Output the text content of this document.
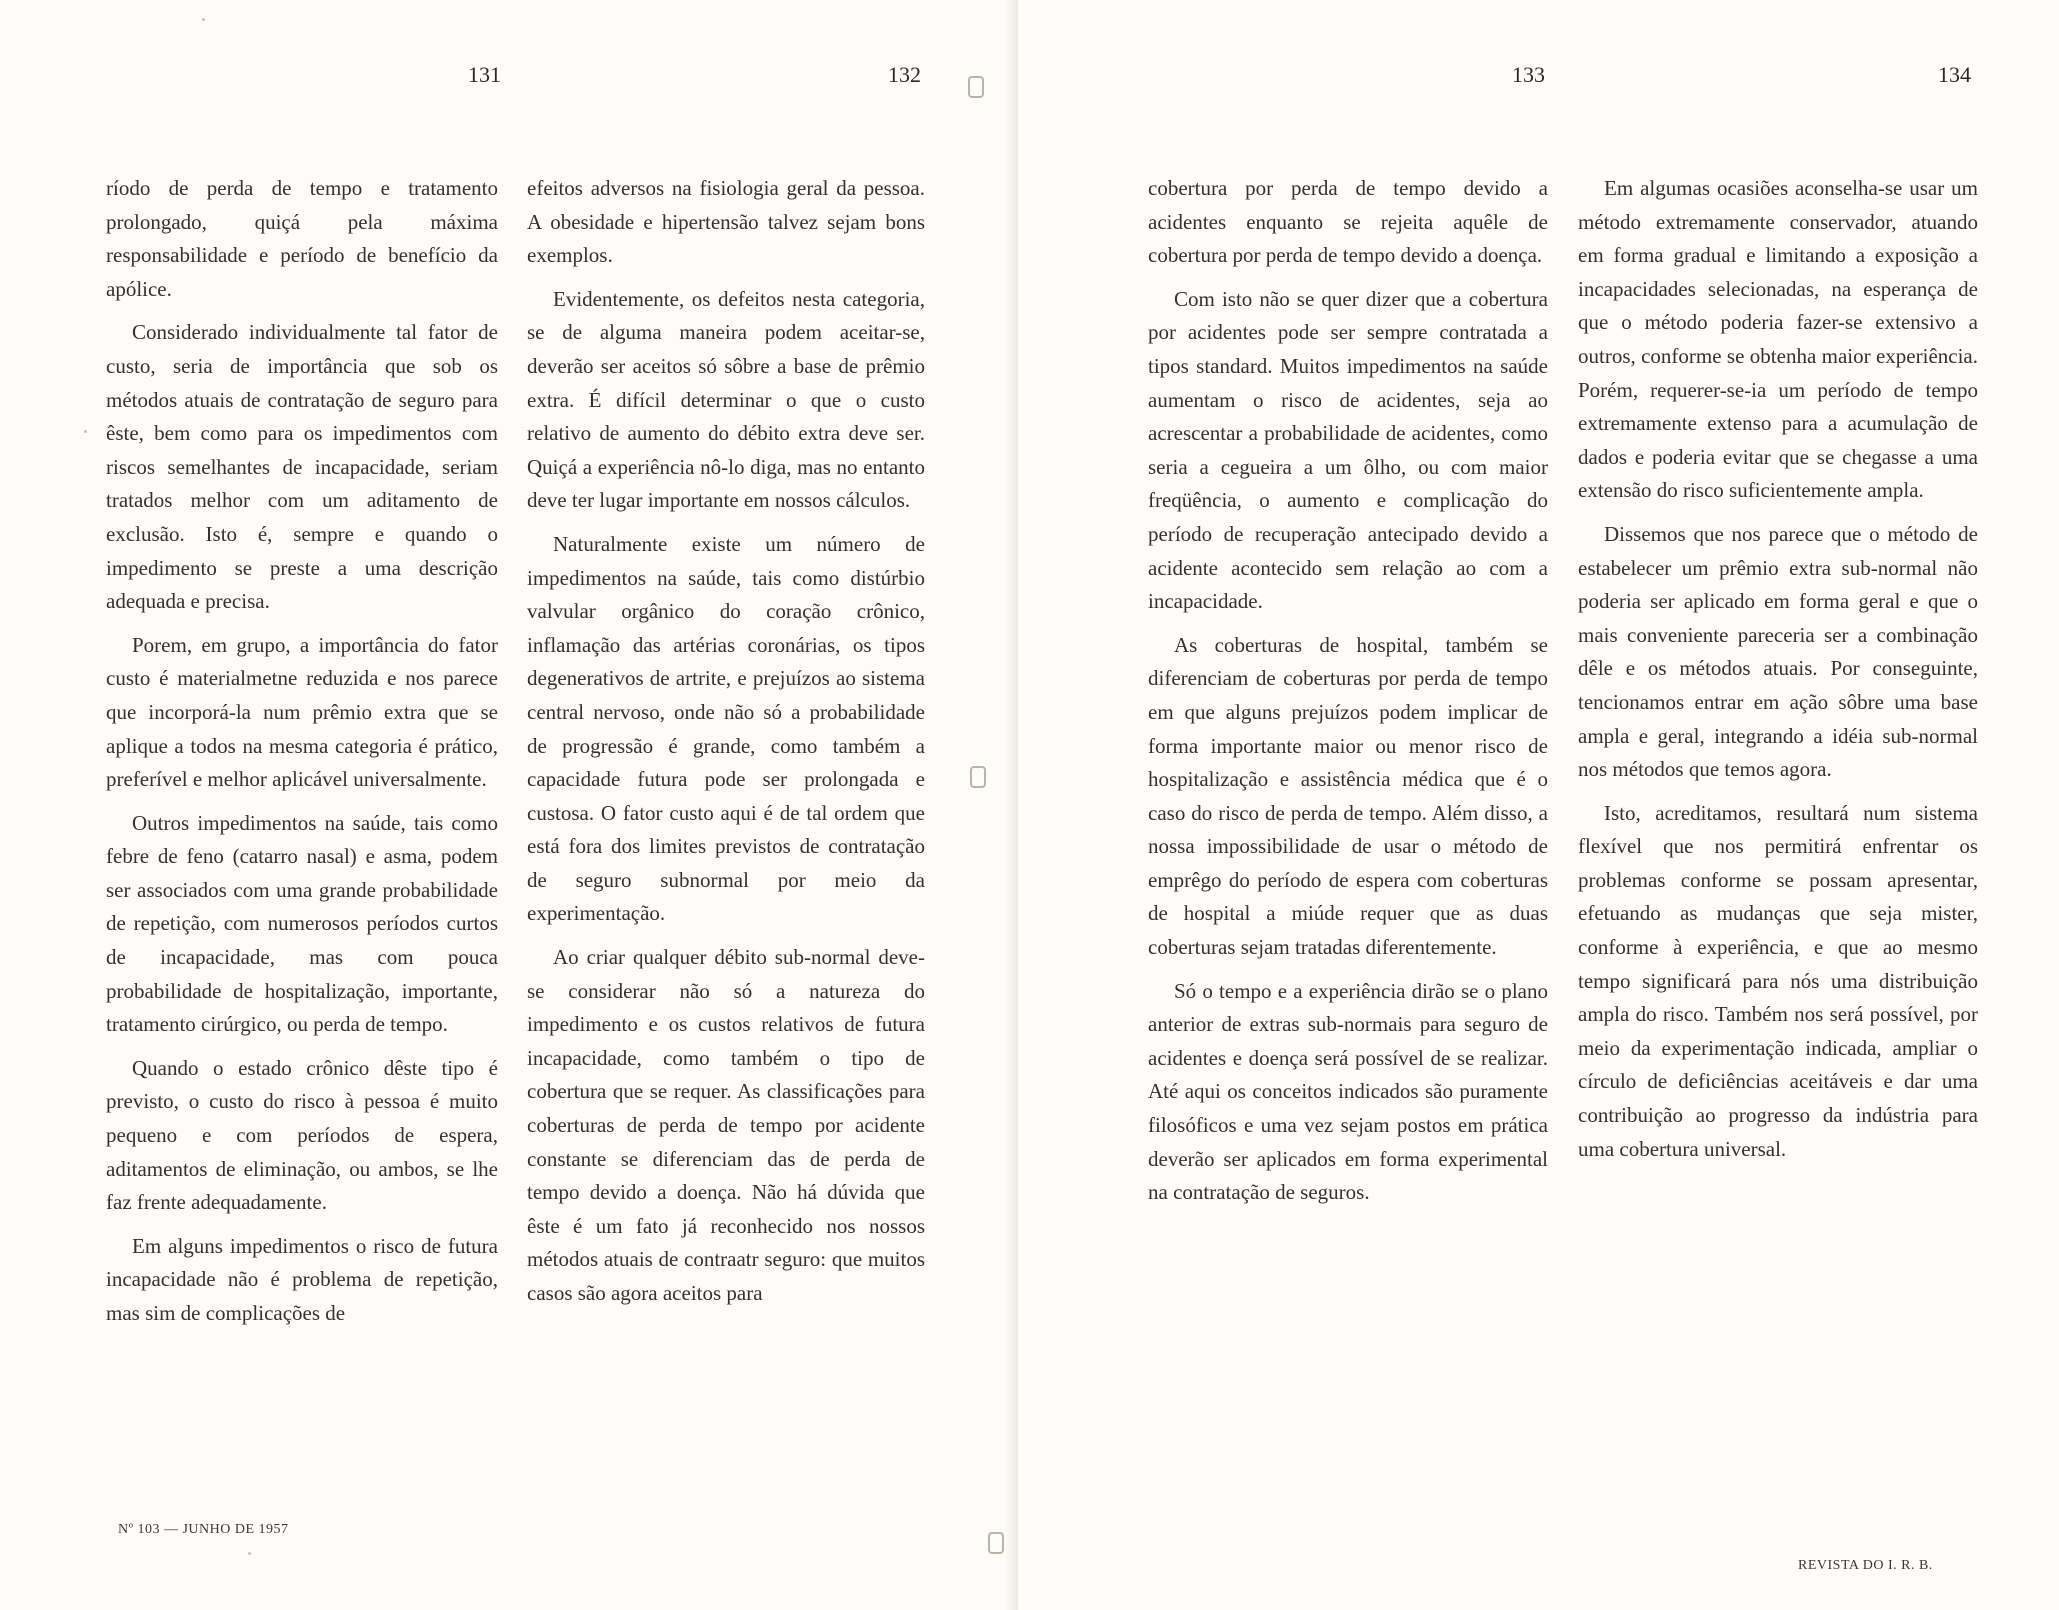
131	132

ríodo de perda de tempo e tratamento prolongado, quiçá pela máxima responsabilidade e período de benefício da apólice.

Considerado individualmente tal fator de custo, seria de importância que sob os métodos atuais de contratação de seguro para êste, bem como para os impedimentos com riscos semelhantes de incapacidade, seriam tratados melhor com um aditamento de exclusão. Isto é, sempre e quando o impedimento se preste a uma descrição adequada e precisa.

Porem, em grupo, a importância do fator custo é materialmetne reduzida e nos parece que incorporá-la num prêmio extra que se aplique a todos na mesma categoria é prático, preferível e melhor aplicável universalmente.

Outros impedimentos na saúde, tais como febre de feno (catarro nasal) e asma, podem ser associados com uma grande probabilidade de repetição, com numerosos períodos curtos de incapacidade, mas com pouca probabilidade de hospitalização, importante, tratamento cirúrgico, ou perda de tempo.

Quando o estado crônico dêste tipo é previsto, o custo do risco à pessoa é muito pequeno e com períodos de espera, aditamentos de eliminação, ou ambos, se lhe faz frente adequadamente.

Em alguns impedimentos o risco de futura incapacidade não é problema de repetição, mas sim de complicações de

efeitos adversos na fisiologia geral da pessoa. A obesidade e hipertensão talvez sejam bons exemplos.

Evidentemente, os defeitos nesta categoria, se de alguma maneira podem aceitar-se, deverão ser aceitos só sôbre a base de prêmio extra. É difícil determinar o que o custo relativo de aumento do débito extra deve ser. Quiçá a experiência nô-lo diga, mas no entanto deve ter lugar importante em nossos cálculos.

Naturalmente existe um número de impedimentos na saúde, tais como distúrbio valvular orgânico do coração crônico, inflamação das artérias coronárias, os tipos degenerativos de artrite, e prejuízos ao sistema central nervoso, onde não só a probabilidade de progressão é grande, como também a capacidade futura pode ser prolongada e custosa. O fator custo aqui é de tal ordem que está fora dos limites previstos de contratação de seguro subnormal por meio da experimentação.

Ao criar qualquer débito sub-normal deve-se considerar não só a natureza do impedimento e os custos relativos de futura incapacidade, como também o tipo de cobertura que se requer. As classificações para coberturas de perda de tempo por acidente constante se diferenciam das de perda de tempo devido a doença. Não há dúvida que êste é um fato já reconhecido nos nossos métodos atuais de contraatr seguro: que muitos casos são agora aceitos para

Nº 103 — JUNHO DE 1957
133	134

cobertura por perda de tempo devido a acidentes enquanto se rejeita aquêle de cobertura por perda de tempo devido a doença.

Com isto não se quer dizer que a cobertura por acidentes pode ser sempre contratada a tipos standard. Muitos impedimentos na saúde aumentam o risco de acidentes, seja ao acrescentar a probabilidade de acidentes, como seria a cegueira a um ôlho, ou com maior freqüência, o aumento e complicação do período de recuperação antecipado devido a acidente acontecido sem relação ao com a incapacidade.

As coberturas de hospital, também se diferenciam de coberturas por perda de tempo em que alguns prejuízos podem implicar de forma importante maior ou menor risco de hospitalização e assistência médica que é o caso do risco de perda de tempo. Além disso, a nossa impossibilidade de usar o método de emprêgo do período de espera com coberturas de hospital a miúde requer que as duas coberturas sejam tratadas diferentemente.

Só o tempo e a experiência dirão se o plano anterior de extras sub-normais para seguro de acidentes e doença será possível de se realizar. Até aqui os conceitos indicados são puramente filosóficos e uma vez sejam postos em prática deverão ser aplicados em forma experimental na contratação de seguros.

Em algumas ocasiões aconselha-se usar um método extremamente conservador, atuando em forma gradual e limitando a exposição a incapacidades selecionadas, na esperança de que o método poderia fazer-se extensivo a outros, conforme se obtenha maior experiência. Porém, requerer-se-ia um período de tempo extremamente extenso para a acumulação de dados e poderia evitar que se chegasse a uma extensão do risco suficientemente ampla.

Dissemos que nos parece que o método de estabelecer um prêmio extra sub-normal não poderia ser aplicado em forma geral e que o mais conveniente pareceria ser a combinação dêle e os métodos atuais. Por conseguinte, tencionamos entrar em ação sôbre uma base ampla e geral, integrando a idéia sub-normal nos métodos que temos agora.

Isto, acreditamos, resultará num sistema flexível que nos permitirá enfrentar os problemas conforme se possam apresentar, efetuando as mudanças que seja mister, conforme à experiência, e que ao mesmo tempo significará para nós uma distribuição ampla do risco. Também nos será possível, por meio da experimentação indicada, ampliar o círculo de deficiências aceitáveis e dar uma contribuição ao progresso da indústria para uma cobertura universal.

REVISTA DO I. R. B.
